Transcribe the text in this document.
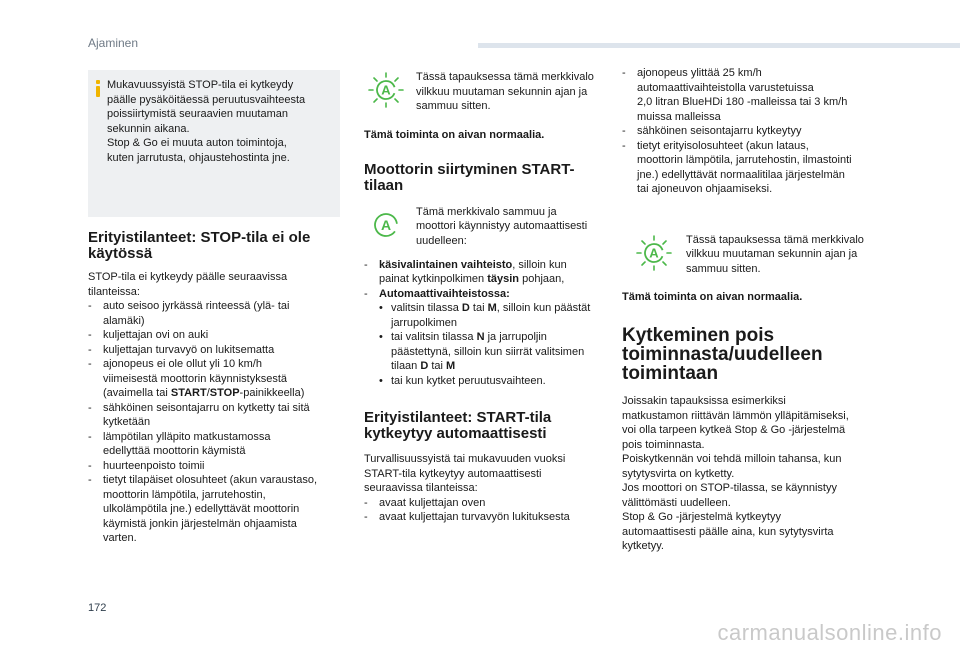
Ajaminen

Mukavuussyistä STOP-tila ei kytkeydy

päälle pysäköitäessä peruutusvaihteesta

poissiirtymistä seuraavien muutaman

sekunnin aikana.

Stop & Go ei muuta auton toimintoja,

kuten jarrutusta, ohjaustehostinta jne.

Erityistilanteet: STOP-tila ei ole
käytössä

STOP-tila ei kytkeydy päälle seuraavissa
tilanteissa:

- auto seisoo jyrkässä rinteessä (ylä- tai
alamäki)
- kuljettajan ovi on auki
- kuljettajan turvavyö on lukitsematta
- ajonopeus ei ole ollut yli 10 km/h
viimeisestä moottorin käynnistyksestä
(avaimella tai START/STOP-painikkeella)
- sähköinen seisontajarru on kytketty tai sitä
kytketään
- lämpötilan ylläpito matkustamossa
edellyttää moottorin käymistä
- huurteenpoisto toimii
- tietyt tilapäiset olosuhteet (akun varaustaso,
moottorin lämpötila, jarrutehostin,
ulkolämpötila jne.) edellyttävät moottorin
käymistä jonkin järjestelmän ohjaamista
varten.
A

Tässä tapauksessa tämä merkkivalo

vilkkuu muutaman sekunnin ajan ja

sammuu sitten.

Tämä toiminta on aivan normaalia.

Moottorin siirtyminen START-
tilaan
A

Tämä merkkivalo sammuu ja

moottori käynnistyy automaattisesti

uudelleen:

- käsivalintainen vaihteisto, silloin kun
painat kytkinpolkimen täysin pohjaan,
- Automaattivaihteistossa:
• valitsin tilassa D tai M, silloin kun päästät
jarrupolkimen
• tai valitsin tilassa N ja jarrupoljin
päästettynä, silloin kun siirrät valitsimen
tilaan D tai M
• tai kun kytket peruutusvaihteen.
Erityistilanteet: START-tila
kytkeytyy automaattisesti

Turvallisuussyistä tai mukavuuden vuoksi
START-tila kytkeytyy automaattisesti
seuraavissa tilanteissa:

- avaat kuljettajan oven
- avaat kuljettajan turvavyön lukituksesta
- ajonopeus ylittää 25 km/h
automaattivaihteistolla varustetuissa
2,0 litran BlueHDi 180 -malleissa tai 3 km/h
muissa malleissa
- sähköinen seisontajarru kytkeytyy
- tietyt erityisolosuhteet (akun lataus,
moottorin lämpötila, jarrutehostin, ilmastointi
jne.) edellyttävät normaalitilaa järjestelmän
tai ajoneuvon ohjaamiseksi.
A

Tässä tapauksessa tämä merkkivalo

vilkkuu muutaman sekunnin ajan ja

sammuu sitten.

Tämä toiminta on aivan normaalia.

Kytkeminen pois
toiminnasta/uudelleen
toimintaan

Joissakin tapauksissa esimerkiksi
matkustamon riittävän lämmön ylläpitämiseksi,
voi olla tarpeen kytkeä Stop & Go -järjestelmä
pois toiminnasta.
Poiskytkennän voi tehdä milloin tahansa, kun
sytytysvirta on kytketty.
Jos moottori on STOP-tilassa, se käynnistyy
välittömästi uudelleen.
Stop & Go -järjestelmä kytkeytyy
automaattisesti päälle aina, kun sytytysvirta
kytketyy.

172
carmanualsonline.info
